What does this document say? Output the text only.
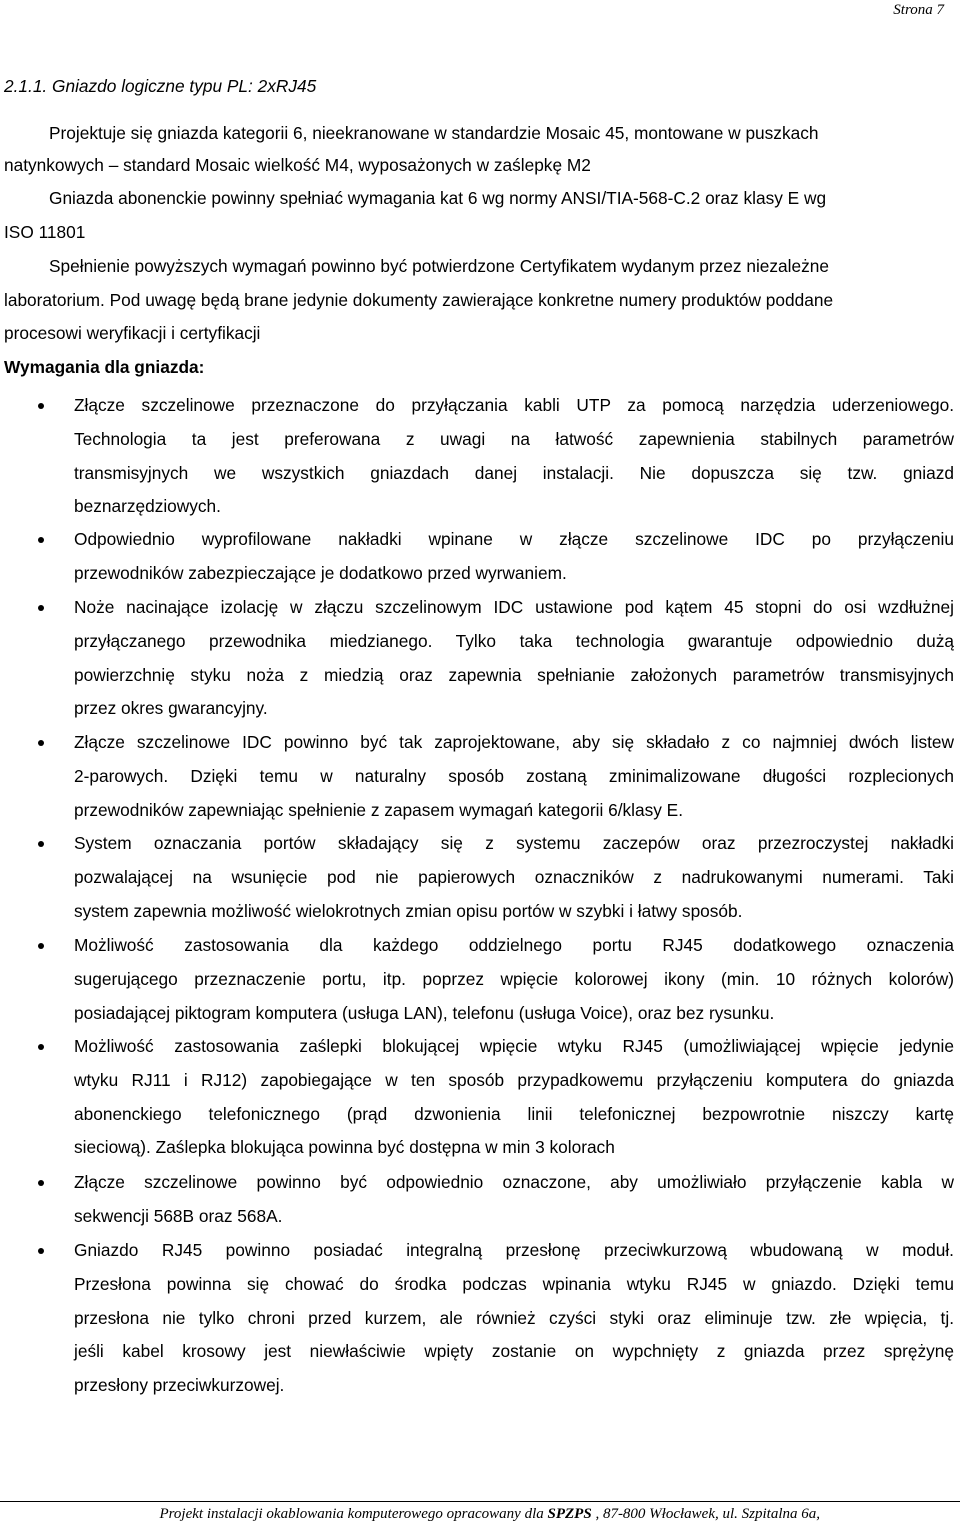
Strona 7
2.1.1. Gniazdo logiczne typu PL: 2xRJ45
Projektuje się gniazda kategorii 6, nieekranowane w standardzie Mosaic 45, montowane w puszkach
natynkowych – standard Mosaic wielkość M4, wyposażonych w zaślepkę M2
Gniazda abonenckie powinny spełniać wymagania kat 6 wg normy ANSI/TIA-568-C.2 oraz klasy E wg
ISO 11801
Spełnienie powyższych wymagań powinno być potwierdzone Certyfikatem wydanym przez niezależne
laboratorium. Pod uwagę będą brane jedynie dokumenty zawierające konkretne numery produktów poddane
procesowi weryfikacji i certyfikacji
Wymagania dla gniazda:
Złącze szczelinowe przeznaczone do przyłączania kabli UTP za pomocą narzędzia uderzeniowego.
Technologia ta jest preferowana z uwagi na łatwość zapewnienia stabilnych parametrów
transmisyjnych we wszystkich gniazdach danej instalacji. Nie dopuszcza się tzw. gniazd
beznarzędziowych.
Odpowiednio wyprofilowane nakładki wpinane w złącze szczelinowe IDC po przyłączeniu
przewodników zabezpieczające je dodatkowo przed wyrwaniem.
Noże nacinające izolację w złączu szczelinowym IDC ustawione pod kątem 45 stopni do osi wzdłużnej
przyłączanego przewodnika miedzianego. Tylko taka technologia gwarantuje odpowiednio dużą
powierzchnię styku noża z miedzią oraz zapewnia spełnianie założonych parametrów transmisyjnych
przez okres gwarancyjny.
Złącze szczelinowe IDC powinno być tak zaprojektowane, aby się składało z co najmniej dwóch listew
2-parowych. Dzięki temu w naturalny sposób zostaną zminimalizowane długości rozplecionych
przewodników zapewniając spełnienie z zapasem wymagań kategorii 6/klasy E.
System oznaczania portów składający się z systemu zaczepów oraz przezroczystej nakładki
pozwalającej na wsunięcie pod nie papierowych oznaczników z nadrukowanymi numerami. Taki
system zapewnia możliwość wielokrotnych zmian opisu portów w szybki i łatwy sposób.
Możliwość zastosowania dla każdego oddzielnego portu RJ45 dodatkowego oznaczenia
sugerującego przeznaczenie portu, itp. poprzez wpięcie kolorowej ikony (min. 10 różnych kolorów)
posiadającej piktogram komputera (usługa LAN), telefonu (usługa Voice), oraz bez rysunku.
Możliwość zastosowania zaślepki blokującej wpięcie wtyku RJ45 (umożliwiającej wpięcie jedynie
wtyku RJ11 i RJ12) zapobiegające w ten sposób przypadkowemu przyłączeniu komputera do gniazda
abonenckiego telefonicznego (prąd dzwonienia linii telefonicznej bezpowrotnie niszczy kartę
sieciową). Zaślepka blokująca powinna być dostępna w min 3 kolorach
Złącze szczelinowe powinno być odpowiednio oznaczone, aby umożliwiało przyłączenie kabla w
sekwencji 568B oraz 568A.
Gniazdo RJ45 powinno posiadać integralną przesłonę przeciwkurzową wbudowaną w moduł.
Przesłona powinna się chować do środka podczas wpinania wtyku RJ45 w gniazdo. Dzięki temu
przesłona nie tylko chroni przed kurzem, ale również czyści styki oraz eliminuje tzw. złe wpięcia, tj.
jeśli kabel krosowy jest niewłaściwie wpięty zostanie on wypchnięty z gniazda przez sprężynę
przesłony przeciwkurzowej.
Projekt instalacji okablowania komputerowego opracowany dla SPZPS , 87-800 Włocławek, ul. Szpitalna 6a,
